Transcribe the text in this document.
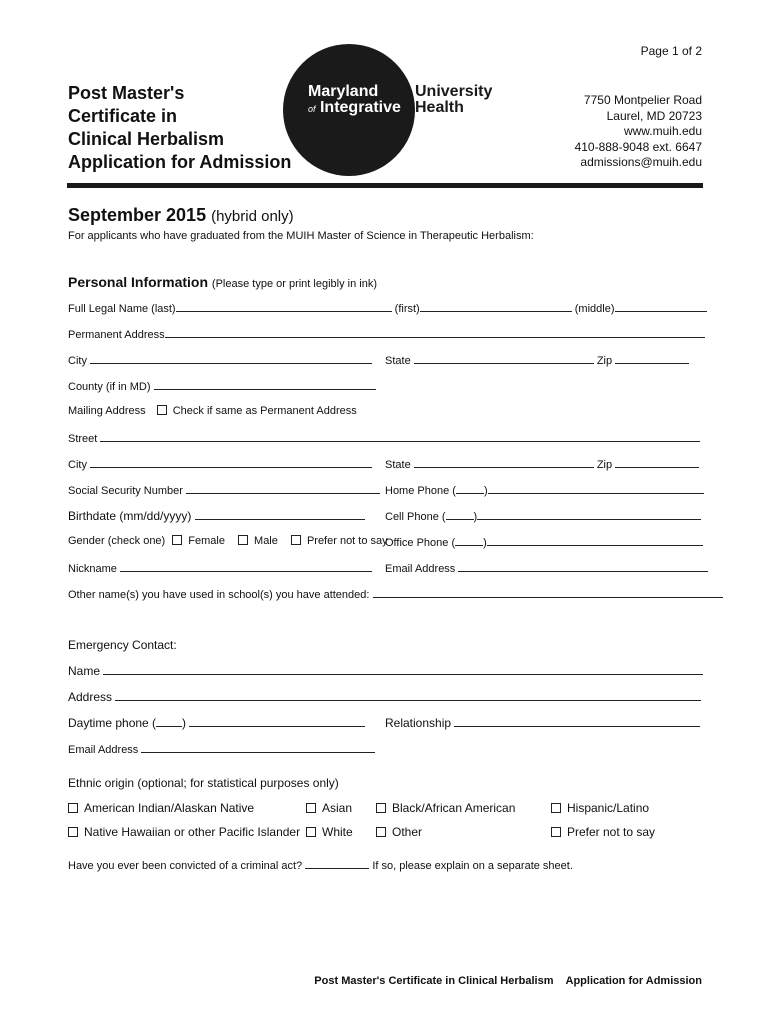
Page 1 of 2
Post Master's
Certificate in
Clinical Herbalism
Application for Admission
Maryland
of Integrative
University
Health	7750 Montpelier Road
Laurel, MD 20723
www.muih.edu
410-888-9048 ext. 6647
admissions@muih.edu
September 2015 (hybrid only)
For applicants who have graduated from the MUIH Master of Science in Therapeutic Herbalism:
Personal Information (Please type or print legibly in ink)
Full Legal Name (last)	(first)	(middle)
Permanent Address
City	State	Zip
County (if in MD)
Mailing Address Check if same as Permanent Address
Street
City	State	Zip
Social Security Number	Home Phone (	)
Birthdate (mm/dd/yyyy)	Cell Phone (	)
Gender (check one) Female	Male	Prefer not to say
Office Phone (	)
Nickname	Email Address
Other name(s) you have used in school(s) you have attended:
Emergency Contact:
Name
Address
Daytime phone ( )	Relationship
Email Address
Ethnic origin (optional; for statistical purposes only)
American Indian/Alaskan Native	Asian	Black/African American	Hispanic/Latino
Native Hawaiian or other Pacific Islander	White	Other	Prefer not to say
Have you ever been convicted of a criminal act?	If so, please explain on a separate sheet.
Post Master's Certificate in Clinical Herbalism Application for Admission
